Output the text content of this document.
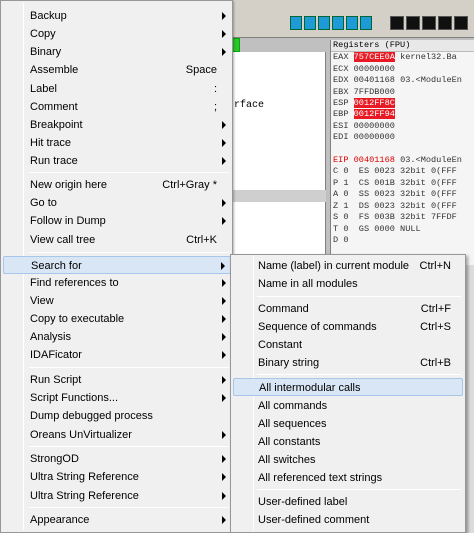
rface
Registers (FPU)
EAX 757CEE0A kernel32.Ba
ECX 00000000
EDX 00401168 03.<ModuleEn
EBX 7FFDB000
ESP 0012FF8C
EBP 0012FF94
ESI 00000000
EDI 00000000

EIP 00401168 03.<ModuleEn
C 0  ES 0023 32bit 0(FFF
P 1  CS 001B 32bit 0(FFF
A 0  SS 0023 32bit 0(FFF
Z 1  DS 0023 32bit 0(FFF
S 0  FS 003B 32bit 7FFDF
T 0  GS 0000 NULL
D 0
Backup
Copy
Binary
Assemble	Space
Label	:
Comment	;
Breakpoint
Hit trace
Run trace
New origin here	Ctrl+Gray *
Go to
Follow in Dump
View call tree	Ctrl+K
Search for
Find references to
View
Copy to executable
Analysis
IDAFicator
Run Script
Script Functions...
Dump debugged process
Oreans UnVirtualizer
StrongOD
Ultra String Reference
Ultra String Reference
Appearance
Name (label) in current module Ctrl+N
Name in all modules
Command	Ctrl+F
Sequence of commands	Ctrl+S
Constant
Binary string	Ctrl+B
All intermodular calls
All commands
All sequences
All constants
All switches
All referenced text strings
User-defined label
User-defined comment
